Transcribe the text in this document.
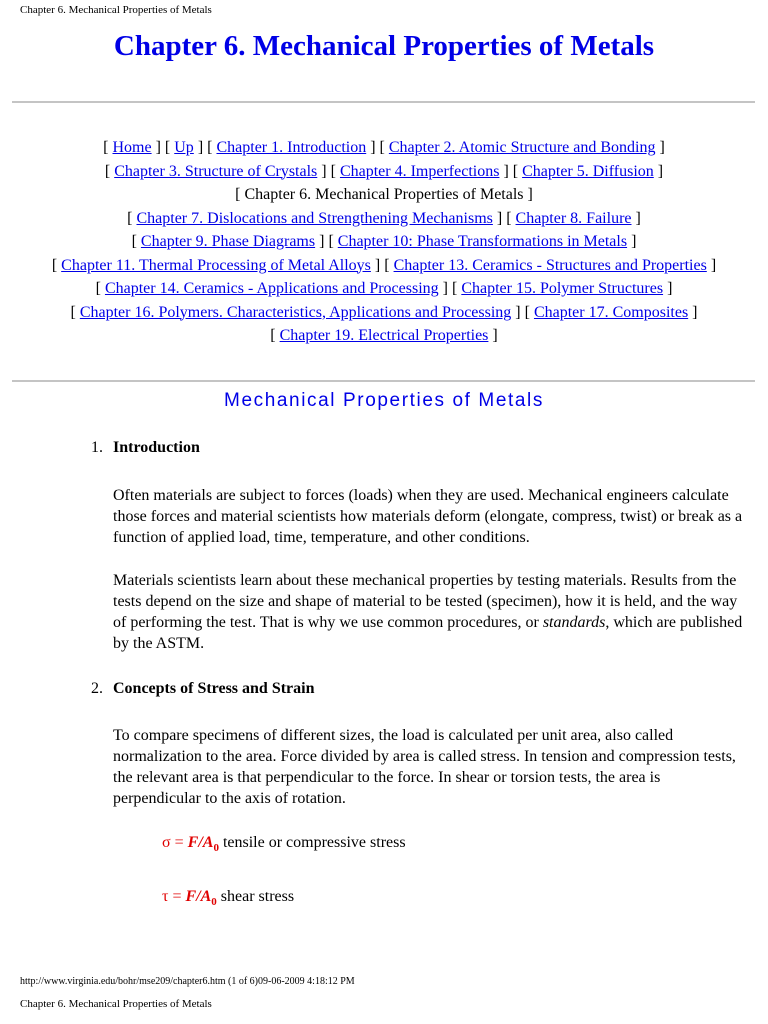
Chapter 6. Mechanical Properties of Metals
Chapter 6. Mechanical Properties of Metals
[ Home ] [ Up ] [ Chapter 1. Introduction ] [ Chapter 2. Atomic Structure and Bonding ]
[ Chapter 3. Structure of Crystals ] [ Chapter 4. Imperfections ] [ Chapter 5. Diffusion ]
[ Chapter 6. Mechanical Properties of Metals ]
[ Chapter 7. Dislocations and Strengthening Mechanisms ] [ Chapter 8. Failure ]
[ Chapter 9. Phase Diagrams ] [ Chapter 10: Phase Transformations in Metals ]
[ Chapter 11. Thermal Processing of Metal Alloys ] [ Chapter 13. Ceramics - Structures and Properties ]
[ Chapter 14. Ceramics - Applications and Processing ] [ Chapter 15. Polymer Structures ]
[ Chapter 16. Polymers. Characteristics, Applications and Processing ] [ Chapter 17. Composites ]
[ Chapter 19. Electrical Properties ]
Mechanical Properties of Metals
1. Introduction

Often materials are subject to forces (loads) when they are used. Mechanical engineers calculate those forces and material scientists how materials deform (elongate, compress, twist) or break as a function of applied load, time, temperature, and other conditions.

Materials scientists learn about these mechanical properties by testing materials. Results from the tests depend on the size and shape of material to be tested (specimen), how it is held, and the way of performing the test. That is why we use common procedures, or standards, which are published by the ASTM.

2. Concepts of Stress and Strain

To compare specimens of different sizes, the load is calculated per unit area, also called normalization to the area. Force divided by area is called stress. In tension and compression tests, the relevant area is that perpendicular to the force. In shear or torsion tests, the area is perpendicular to the axis of rotation.

$\sigma = F/A_0$ tensile or compressive stress
$\tau = F/A_0$ shear stress
http://www.virginia.edu/bohr/mse209/chapter6.htm (1 of 6)09-06-2009 4:18:12 PM
Chapter 6. Mechanical Properties of Metals
